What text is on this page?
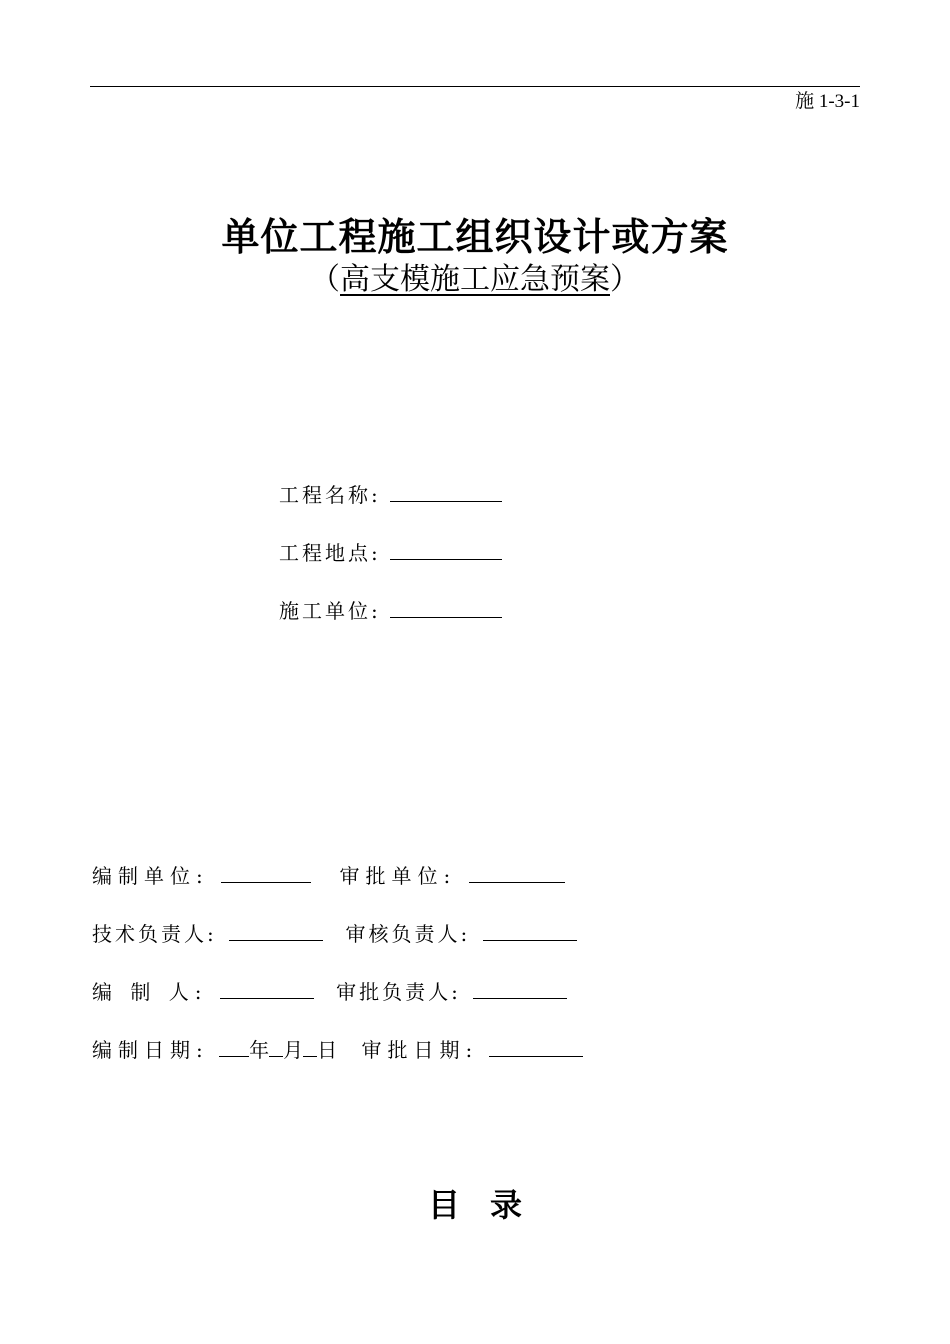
施 1-3-1
单位工程施工组织设计或方案
（高支模施工应急预案）
工程名称:
工程地点:
施工单位:
编制单位:	审批单位:
技术负责人:	审核负责人:
编 制 人:	审批负责人:
编制日期: 年 月 日 审批日期:
目录
